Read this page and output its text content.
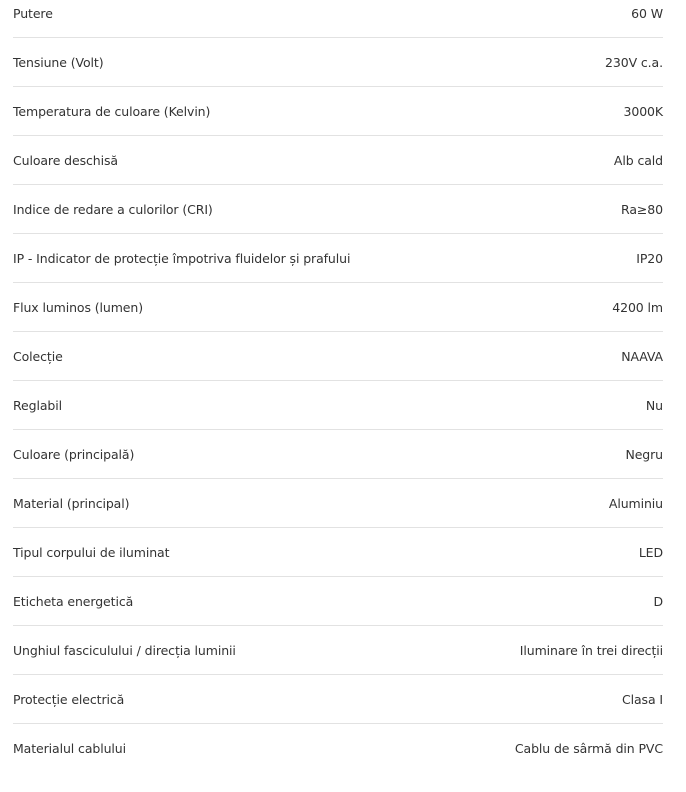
Putere	60 W
Tensiune (Volt)	230V c.a.
Temperatura de culoare (Kelvin)	3000K
Culoare deschisă	Alb cald
Indice de redare a culorilor (CRI)	Ra≥80
IP - Indicator de protecție împotriva fluidelor și prafului	IP20
Flux luminos (lumen)	4200 lm
Colecție	NAAVA
Reglabil	Nu
Culoare (principală)	Negru
Material (principal)	Aluminiu
Tipul corpului de iluminat	LED
Eticheta energetică	D
Unghiul fasciculului / direcția luminii	Iluminare în trei direcții
Protecție electrică	Clasa I
Materialul cablului	Cablu de sârmă din PVC
